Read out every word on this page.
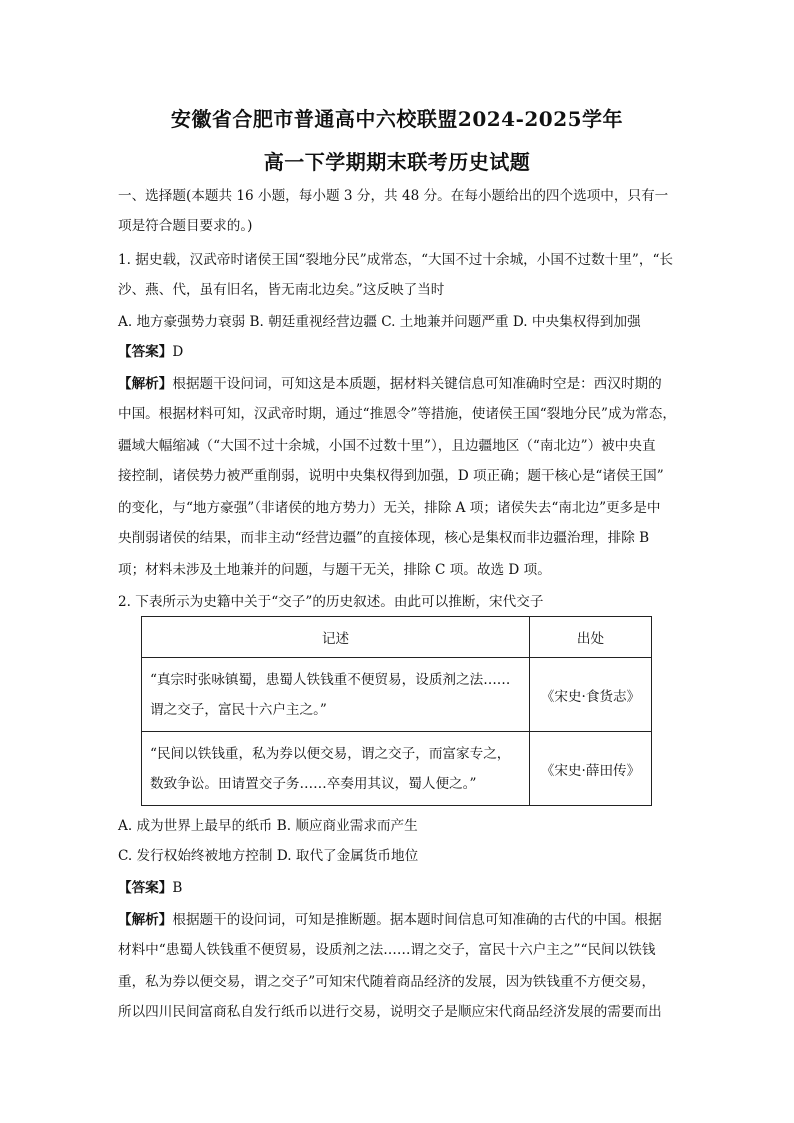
安徽省合肥市普通高中六校联盟2024-2025学年
高一下学期期末联考历史试题
一、选择题(本题共 16 小题，每小题 3 分，共 48 分。在每小题给出的四个选项中，只有一
项是符合题目要求的。)
1. 据史载，汉武帝时诸侯王国“裂地分民”成常态，“大国不过十余城，小国不过数十里”，“长
沙、燕、代，虽有旧名，皆无南北边矣。”这反映了当时
A. 地方豪强势力衰弱 B. 朝廷重视经营边疆 C. 土地兼并问题严重 D. 中央集权得到加强
【答案】D
【解析】根据题干设问词，可知这是本质题，据材料关键信息可知准确时空是：西汉时期的
中国。根据材料可知，汉武帝时期，通过“推恩令”等措施，使诸侯王国“裂地分民”成为常态，
疆域大幅缩减（“大国不过十余城，小国不过数十里”），且边疆地区（“南北边”）被中央直
接控制，诸侯势力被严重削弱，说明中央集权得到加强，D 项正确；题干核心是“诸侯王国”
的变化，与“地方豪强”（非诸侯的地方势力）无关，排除 A 项；诸侯失去“南北边”更多是中
央削弱诸侯的结果，而非主动“经营边疆”的直接体现，核心是集权而非边疆治理，排除 B
项；材料未涉及土地兼并的问题，与题干无关，排除 C 项。故选 D 项。
2. 下表所示为史籍中关于“交子”的历史叙述。由此可以推断，宋代交子
记述	出处

“真宗时张咏镇蜀，患蜀人铁钱重不便贸易，设质剂之法……
谓之交子，富民十六户主之。”	《宋史·食货志》

“民间以铁钱重，私为券以便交易，谓之交子，而富家专之，
数致争讼。田请置交子务……卒奏用其议，蜀人便之。”	《宋史·薛田传》
A. 成为世界上最早的纸币 B. 顺应商业需求而产生
C. 发行权始终被地方控制 D. 取代了金属货币地位
【答案】B
【解析】根据题干的设问词，可知是推断题。据本题时间信息可知准确的古代的中国。根据
材料中“患蜀人铁钱重不便贸易，设质剂之法……谓之交子，富民十六户主之”“民间以铁钱
重，私为券以便交易，谓之交子”可知宋代随着商品经济的发展，因为铁钱重不方便交易，
所以四川民间富商私自发行纸币以进行交易，说明交子是顺应宋代商品经济发展的需要而出
